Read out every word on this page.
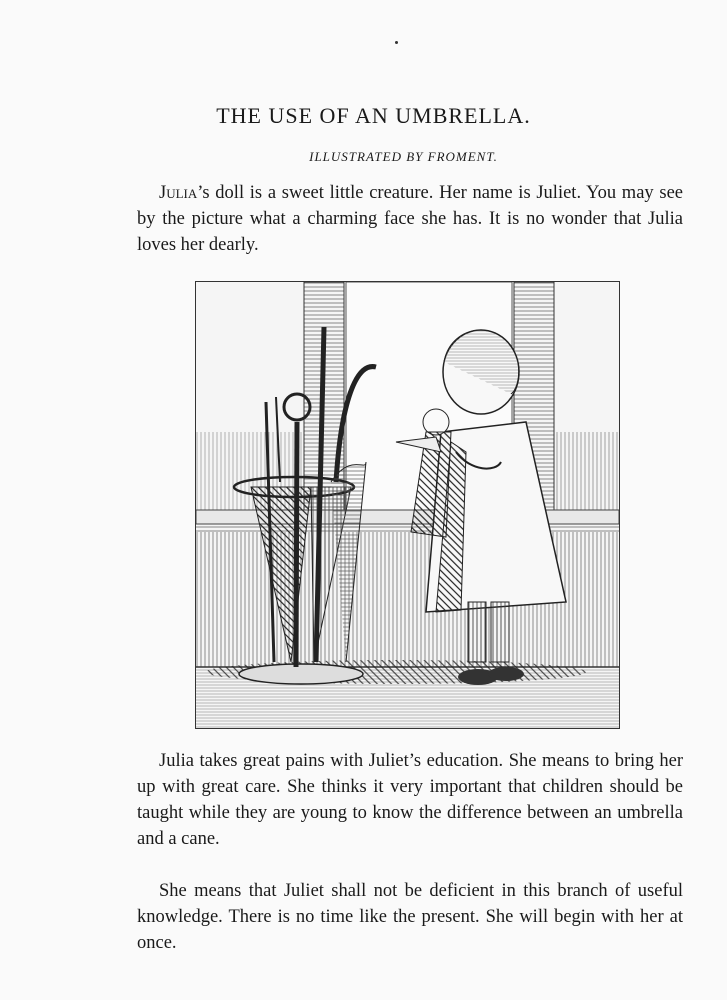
THE USE OF AN UMBRELLA.
ILLUSTRATED BY FROMENT.

Julia’s doll is a sweet little creature. Her name is Juliet. You may see by the picture what a charming face she has. It is no wonder that Julia loves her dearly.

Julia takes great pains with Juliet’s education. She means to bring her up with great care. She thinks it very important that children should be taught while they are young to know the difference between an umbrella and a cane.

She means that Juliet shall not be deficient in this branch of useful knowledge. There is no time like the present. She will begin with her at once.
